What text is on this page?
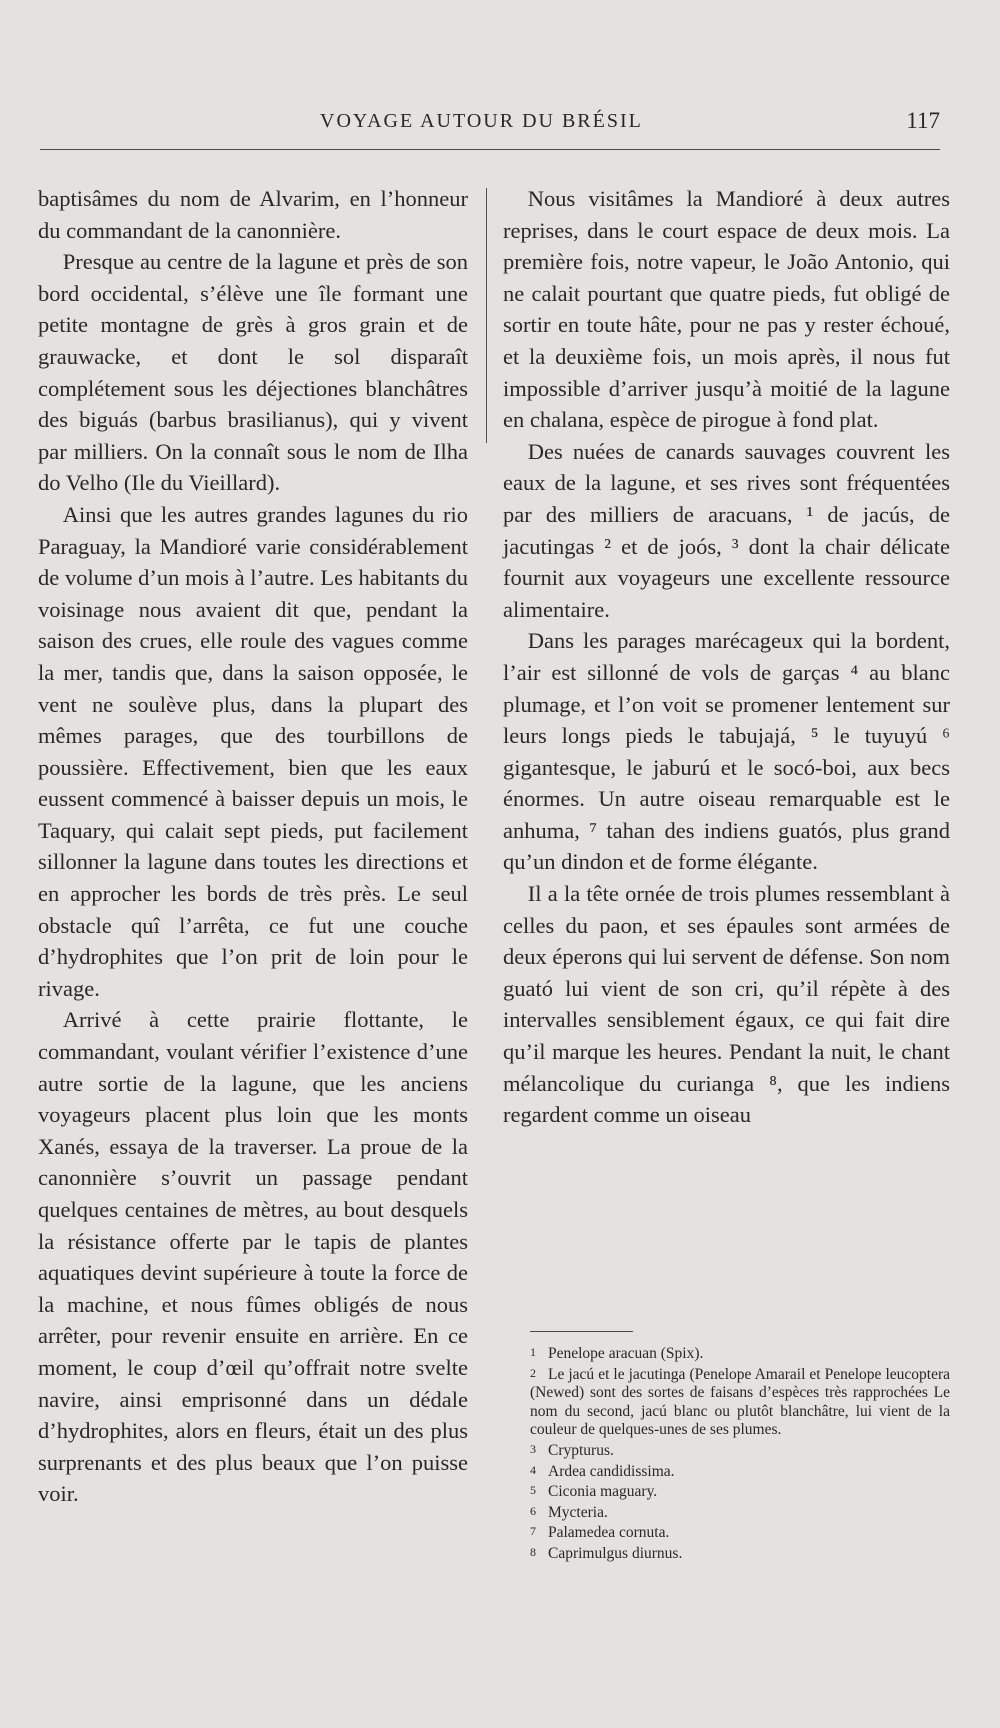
VOYAGE AUTOUR DU BRÉSIL	117

baptisâmes du nom de Alvarim, en l’honneur du commandant de la canonnière.

Presque au centre de la lagune et près de son bord occidental, s’élève une île formant une petite montagne de grès à gros grain et de grauwacke, et dont le sol disparaît complétement sous les déjectiones blanchâtres des biguás (barbus brasilianus), qui y vivent par milliers. On la connaît sous le nom de Ilha do Velho (Ile du Vieillard).

Ainsi que les autres grandes lagunes du rio Paraguay, la Mandioré varie considérablement de volume d’un mois à l’autre. Les habitants du voisinage nous avaient dit que, pendant la saison des crues, elle roule des vagues comme la mer, tandis que, dans la saison opposée, le vent ne soulève plus, dans la plupart des mêmes parages, que des tourbillons de poussière. Effectivement, bien que les eaux eussent commencé à baisser depuis un mois, le Taquary, qui calait sept pieds, put facilement sillonner la lagune dans toutes les directions et en approcher les bords de très près. Le seul obstacle quî l’arrêta, ce fut une couche d’hydrophites que l’on prit de loin pour le rivage.

Arrivé à cette prairie flottante, le commandant, voulant vérifier l’existence d’une autre sortie de la lagune, que les anciens voyageurs placent plus loin que les monts Xanés, essaya de la traverser. La proue de la canonnière s’ouvrit un passage pendant quelques centaines de mètres, au bout desquels la résistance offerte par le tapis de plantes aquatiques devint supérieure à toute la force de la machine, et nous fûmes obligés de nous arrêter, pour revenir ensuite en arrière. En ce moment, le coup d’œil qu’offrait notre svelte navire, ainsi emprisonné dans un dédale d’hydrophites, alors en fleurs, était un des plus surprenants et des plus beaux que l’on puisse voir.

Nous visitâmes la Mandioré à deux autres reprises, dans le court espace de deux mois. La première fois, notre vapeur, le João Antonio, qui ne calait pourtant que quatre pieds, fut obligé de sortir en toute hâte, pour ne pas y rester échoué, et la deuxième fois, un mois après, il nous fut impossible d’arriver jusqu’à moitié de la lagune en chalana, espèce de pirogue à fond plat.

Des nuées de canards sauvages couvrent les eaux de la lagune, et ses rives sont fréquentées par des milliers de aracuans, ¹ de jacús, de jacutingas ² et de joós, ³ dont la chair délicate fournit aux voyageurs une excellente ressource alimentaire.

Dans les parages marécageux qui la bordent, l’air est sillonné de vols de garças ⁴ au blanc plumage, et l’on voit se promener lentement sur leurs longs pieds le tabujajá, ⁵ le tuyuyú ⁶ gigantesque, le jaburú et le socó-boi, aux becs énormes. Un autre oiseau remarquable est le anhuma, ⁷ tahan des indiens guatós, plus grand qu’un dindon et de forme élégante.

Il a la tête ornée de trois plumes ressemblant à celles du paon, et ses épaules sont armées de deux éperons qui lui servent de défense. Son nom guató lui vient de son cri, qu’il répète à des intervalles sensiblement égaux, ce qui fait dire qu’il marque les heures. Pendant la nuit, le chant mélancolique du curianga ⁸, que les indiens regardent comme un oiseau

1 Penelope aracuan (Spix).

2 Le jacú et le jacutinga (Penelope Amarail et Penelope leucoptera (Newed) sont des sortes de faisans d’espèces très rapprochées Le nom du second, jacú blanc ou plutôt blanchâtre, lui vient de la couleur de quelques-unes de ses plumes.

3 Crypturus.

4 Ardea candidissima.

5 Ciconia maguary.

6 Mycteria.

7 Palamedea cornuta.

8 Caprimulgus diurnus.
